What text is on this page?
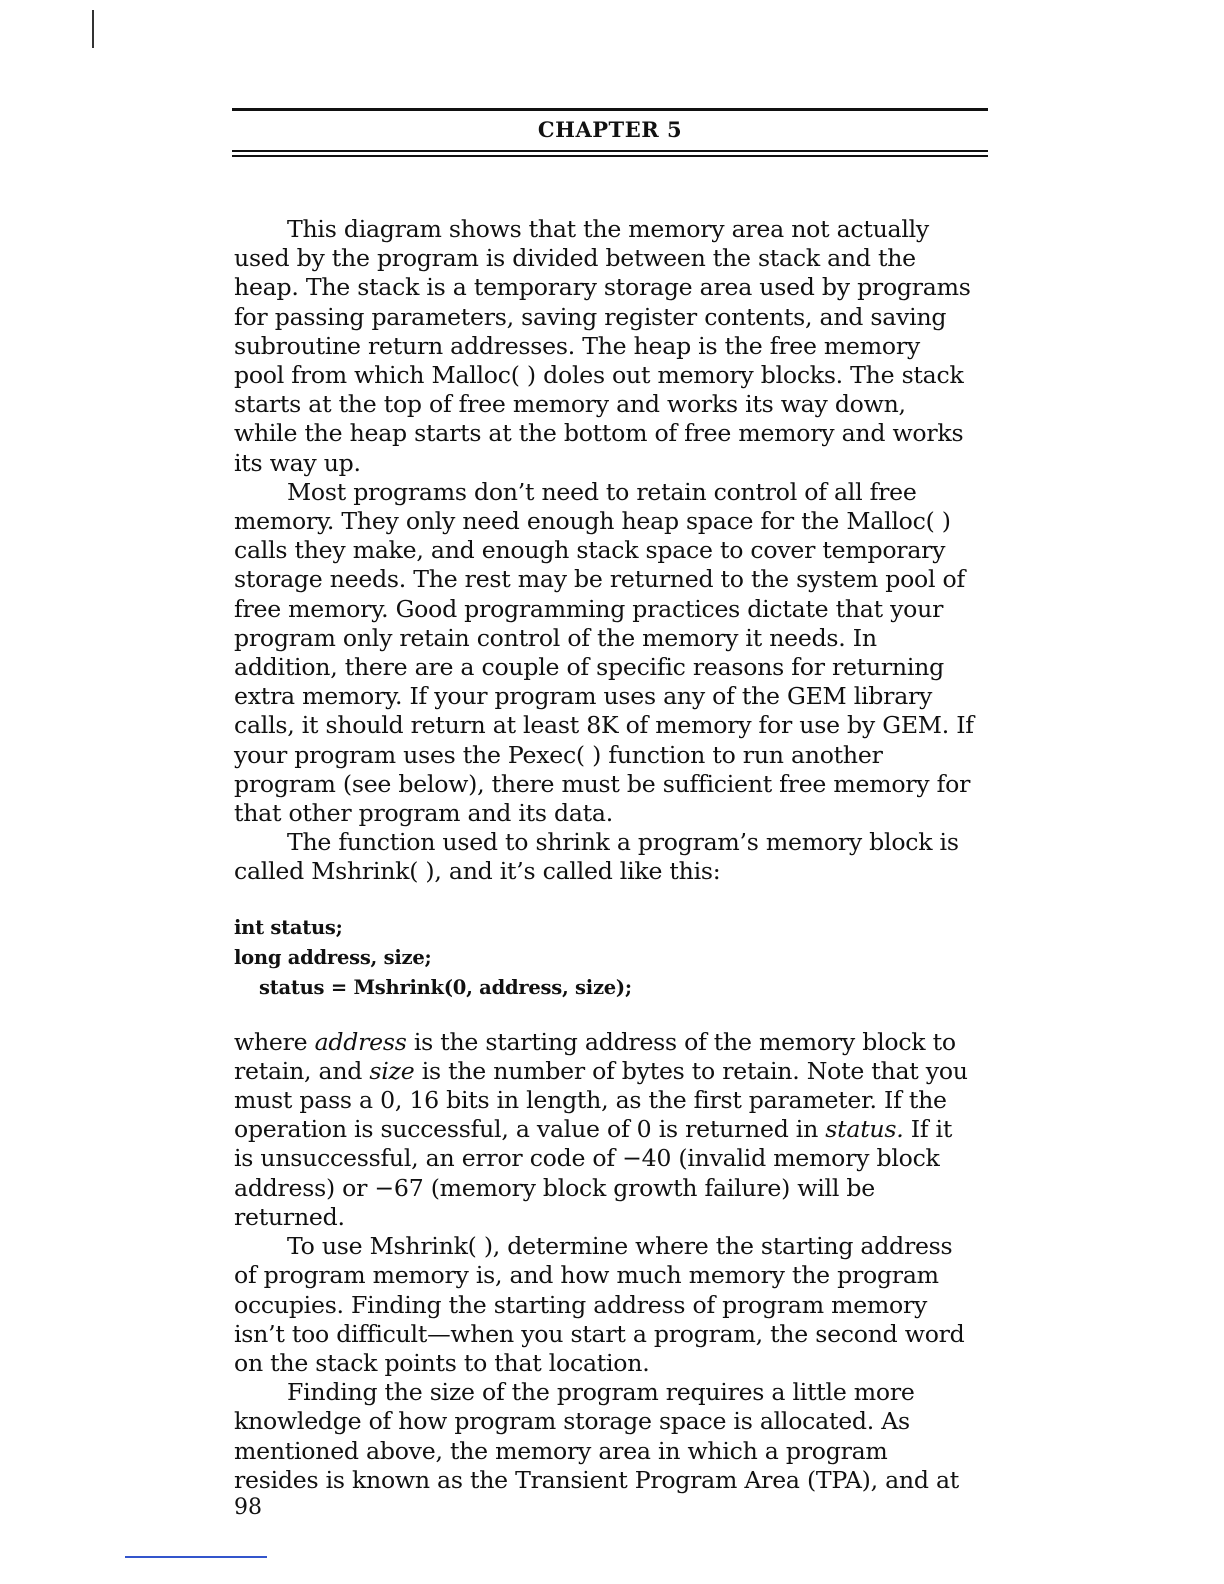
CHAPTER 5

This diagram shows that the memory area not actually used by the program is divided between the stack and the heap. The stack is a temporary storage area used by programs for passing parameters, saving register contents, and saving subroutine return addresses. The heap is the free memory pool from which Malloc( ) doles out memory blocks. The stack starts at the top of free memory and works its way down, while the heap starts at the bottom of free memory and works its way up.

Most programs don’t need to retain control of all free memory. They only need enough heap space for the Malloc( ) calls they make, and enough stack space to cover temporary storage needs. The rest may be returned to the system pool of free memory. Good programming practices dictate that your program only retain control of the memory it needs. In addition, there are a couple of specific reasons for returning extra memory. If your program uses any of the GEM library calls, it should return at least 8K of memory for use by GEM. If your program uses the Pexec( ) function to run another program (see below), there must be sufficient free memory for that other program and its data.

The function used to shrink a program’s memory block is called Mshrink( ), and it’s called like this:

int status;
long address, size;
status = Mshrink(0, address, size);

where address is the starting address of the memory block to retain, and size is the number of bytes to retain. Note that you must pass a 0, 16 bits in length, as the first parameter. If the operation is successful, a value of 0 is returned in status. If it is unsuccessful, an error code of −40 (invalid memory block address) or −67 (memory block growth failure) will be returned.

To use Mshrink( ), determine where the starting address of program memory is, and how much memory the program occupies. Finding the starting address of program memory isn’t too difficult—when you start a program, the second word on the stack points to that location.

Finding the size of the program requires a little more knowledge of how program storage space is allocated. As mentioned above, the memory area in which a program resides is known as the Transient Program Area (TPA), and at

98
